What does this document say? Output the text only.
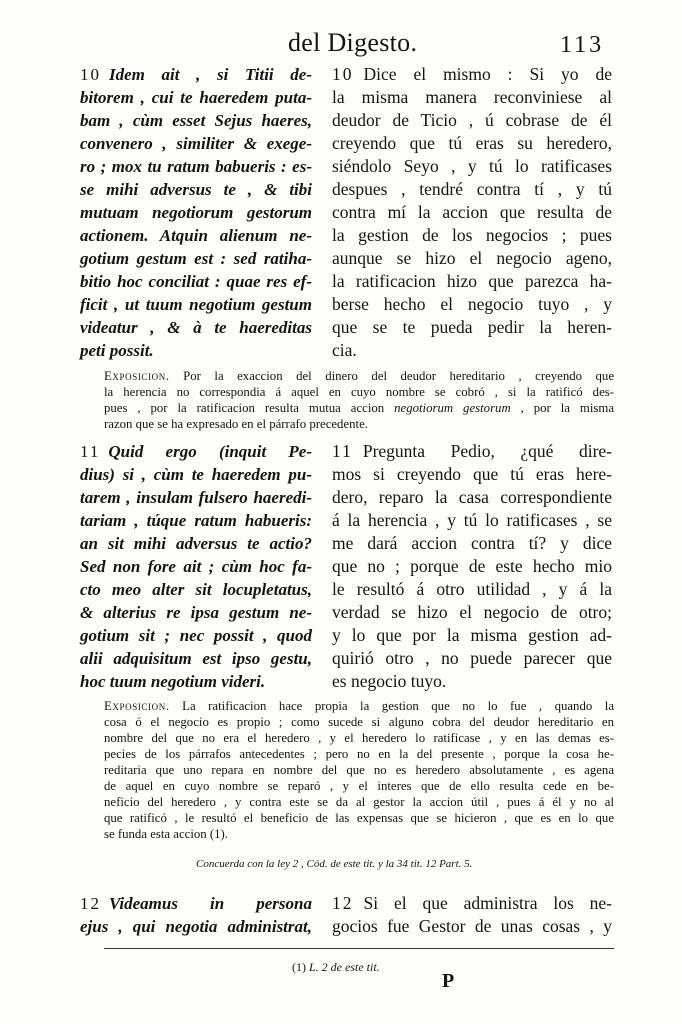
del Digesto.	113
10 Idem ait , si Titii de-
bitorem , cui te haeredem puta-
bam , cùm esset Sejus haeres,
convenero , similiter & exege-
ro ; mox tu ratum babueris : es-
se mihi adversus te , & tibi
mutuam negotiorum gestorum
actionem. Atquin alienum ne-
gotium gestum est : sed ratiha-
bitio hoc conciliat : quae res ef-
ficit , ut tuum negotium gestum
videatur , & à te haereditas
peti possit.
10 Dice el mismo : Si yo de
la misma manera reconviniese al
deudor de Ticio , ú cobrase de él
creyendo que tú eras su heredero,
siéndolo Seyo , y tú lo ratificases
despues , tendré contra tí , y tú
contra mí la accion que resulta de
la gestion de los negocios ; pues
aunque se hizo el negocio ageno,
la ratificacion hizo que parezca ha-
berse hecho el negocio tuyo , y
que se te pueda pedir la heren-
cia.
Exposicion. Por la exaccion del dinero del deudor hereditario , creyendo que
la herencia no correspondia á aquel en cuyo nombre se cobró , si la ratificó des-
pues , por la ratificacion resulta mutua accion negotiorum gestorum , por la misma
razon que se ha expresado en el párrafo precedente.
11 Quid ergo (inquit Pe-
dius) si , cùm te haeredem pu-
tarem , insulam fulsero haeredi-
tariam , túque ratum habueris:
an sit mihi adversus te actio?
Sed non fore ait ; cùm hoc fa-
cto meo alter sit locupletatus,
& alterius re ipsa gestum ne-
gotium sit ; nec possit , quod
alii adquisitum est ipso gestu,
hoc tuum negotium videri.
11 Pregunta Pedio, ¿qué dire-
mos si creyendo que tú eras here-
dero, reparo la casa correspondiente
á la herencia , y tú lo ratificases , se
me dará accion contra tí? y dice
que no ; porque de este hecho mio
le resultó á otro utilidad , y á la
verdad se hizo el negocio de otro;
y lo que por la misma gestion ad-
quirió otro , no puede parecer que
es negocio tuyo.
Exposicion. La ratificacion hace propia la gestion que no lo fue , quando la
cosa ó el negocio es propio ; como sucede si alguno cobra del deudor hereditario en
nombre del que no era el heredero , y el heredero lo ratificase , y en las demas es-
pecies de los párrafos antecedentes ; pero no en la del presente , porque la cosa he-
reditaria que uno repara en nombre del que no es heredero absolutamente , es agena
de aquel en cuyo nombre se reparó , y el interes que de ello resulta cede en be-
neficio del heredero , y contra este se da al gestor la accion útil , pues á él y no al
que ratificó , le resultó el beneficio de las expensas que se hicieron , que es en lo que
se funda esta accion (1).
Concuerda con la ley 2 , Cód. de este tit. y la 34 tit. 12 Part. 5.
12 Videamus in persona
ejus , qui negotia administrat,
12 Si el que administra los ne-
gocios fue Gestor de unas cosas , y
(1) L. 2 de este tit.
P
